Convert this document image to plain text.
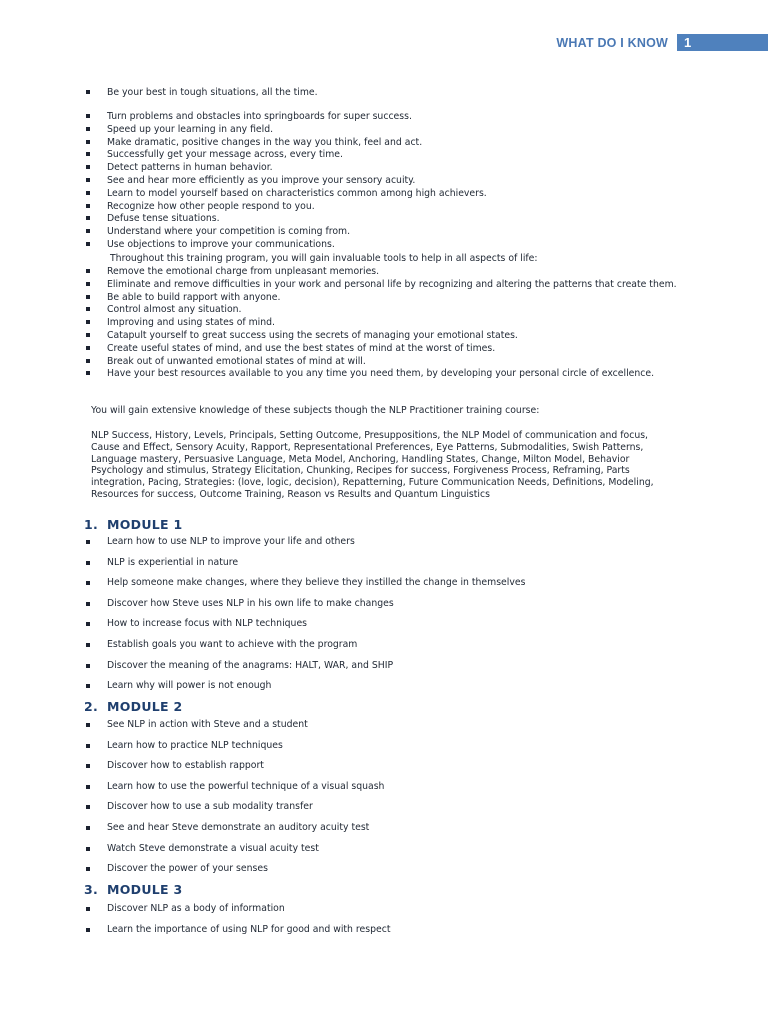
WHAT DO I KNOW	1
Be your best in tough situations, all the time.
Turn problems and obstacles into springboards for super success.
Speed up your learning in any field.
Make dramatic, positive changes in the way you think, feel and act.
Successfully get your message across, every time.
Detect patterns in human behavior.
See and hear more efficiently as you improve your sensory acuity.
Learn to model yourself based on characteristics common among high achievers.
Recognize how other people respond to you.
Defuse tense situations.
Understand where your competition is coming from.
Use objections to improve your communications.
Throughout this training program, you will gain invaluable tools to help in all aspects of life:
Remove the emotional charge from unpleasant memories.
Eliminate and remove difficulties in your work and personal life by recognizing and altering the patterns that create them.
Be able to build rapport with anyone.
Control almost any situation.
Improving and using states of mind.
Catapult yourself to great success using the secrets of managing your emotional states.
Create useful states of mind, and use the best states of mind at the worst of times.
Break out of unwanted emotional states of mind at will.
Have your best resources available to you any time you need them, by developing your personal circle of excellence.
You will gain extensive knowledge of these subjects though the NLP Practitioner training course:
NLP Success, History, Levels, Principals, Setting Outcome, Presuppositions, the NLP Model of communication and focus, Cause and Effect, Sensory Acuity, Rapport, Representational Preferences, Eye Patterns, Submodalities, Swish Patterns, Language mastery, Persuasive Language, Meta Model, Anchoring, Handling States, Change, Milton Model, Behavior Psychology and stimulus, Strategy Elicitation, Chunking, Recipes for success, Forgiveness Process, Reframing, Parts integration, Pacing, Strategies: (love, logic, decision), Repatterning, Future Communication Needs, Definitions, Modeling, Resources for success, Outcome Training, Reason vs Results and Quantum Linguistics
1. MODULE 1
Learn how to use NLP to improve your life and others
NLP is experiential in nature
Help someone make changes, where they believe they instilled the change in themselves
Discover how Steve uses NLP in his own life to make changes
How to increase focus with NLP techniques
Establish goals you want to achieve with the program
Discover the meaning of the anagrams: HALT, WAR, and SHIP
Learn why will power is not enough
2. MODULE 2
See NLP in action with Steve and a student
Learn how to practice NLP techniques
Discover how to establish rapport
Learn how to use the powerful technique of a visual squash
Discover how to use a sub modality transfer
See and hear Steve demonstrate an auditory acuity test
Watch Steve demonstrate a visual acuity test
Discover the power of your senses
3. MODULE 3
Discover NLP as a body of information
Learn the importance of using NLP for good and with respect
